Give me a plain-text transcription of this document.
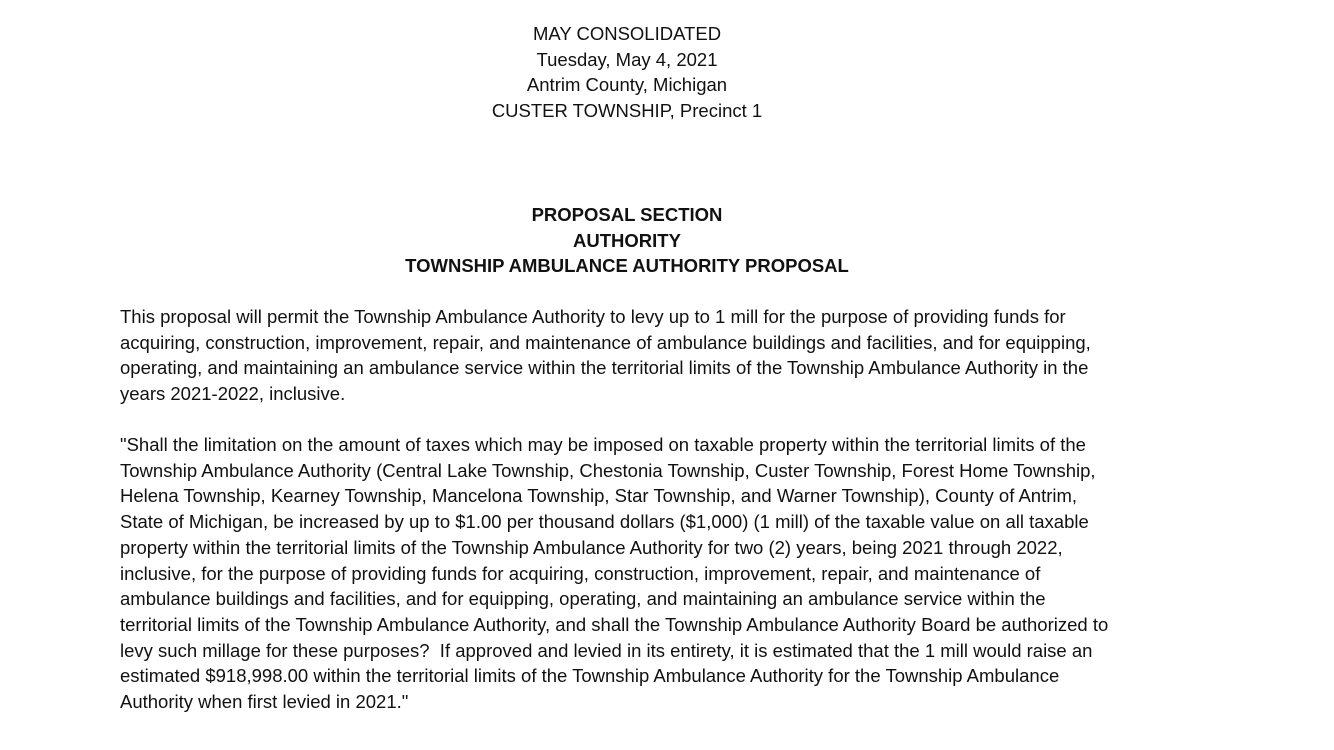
MAY CONSOLIDATED
Tuesday, May 4, 2021
Antrim County, Michigan
CUSTER TOWNSHIP, Precinct 1
PROPOSAL SECTION
AUTHORITY
TOWNSHIP AMBULANCE AUTHORITY PROPOSAL
This proposal will permit the Township Ambulance Authority to levy up to 1 mill for the purpose of providing funds for
acquiring, construction, improvement, repair, and maintenance of ambulance buildings and facilities, and for equipping,
operating, and maintaining an ambulance service within the territorial limits of the Township Ambulance Authority in the
years 2021-2022, inclusive.
"Shall the limitation on the amount of taxes which may be imposed on taxable property within the territorial limits of the
Township Ambulance Authority (Central Lake Township, Chestonia Township, Custer Township, Forest Home Township,
Helena Township, Kearney Township, Mancelona Township, Star Township, and Warner Township), County of Antrim,
State of Michigan, be increased by up to $1.00 per thousand dollars ($1,000) (1 mill) of the taxable value on all taxable
property within the territorial limits of the Township Ambulance Authority for two (2) years, being 2021 through 2022,
inclusive, for the purpose of providing funds for acquiring, construction, improvement, repair, and maintenance of
ambulance buildings and facilities, and for equipping, operating, and maintaining an ambulance service within the
territorial limits of the Township Ambulance Authority, and shall the Township Ambulance Authority Board be authorized to
levy such millage for these purposes?  If approved and levied in its entirety, it is estimated that the 1 mill would raise an
estimated $918,998.00 within the territorial limits of the Township Ambulance Authority for the Township Ambulance
Authority when first levied in 2021."
